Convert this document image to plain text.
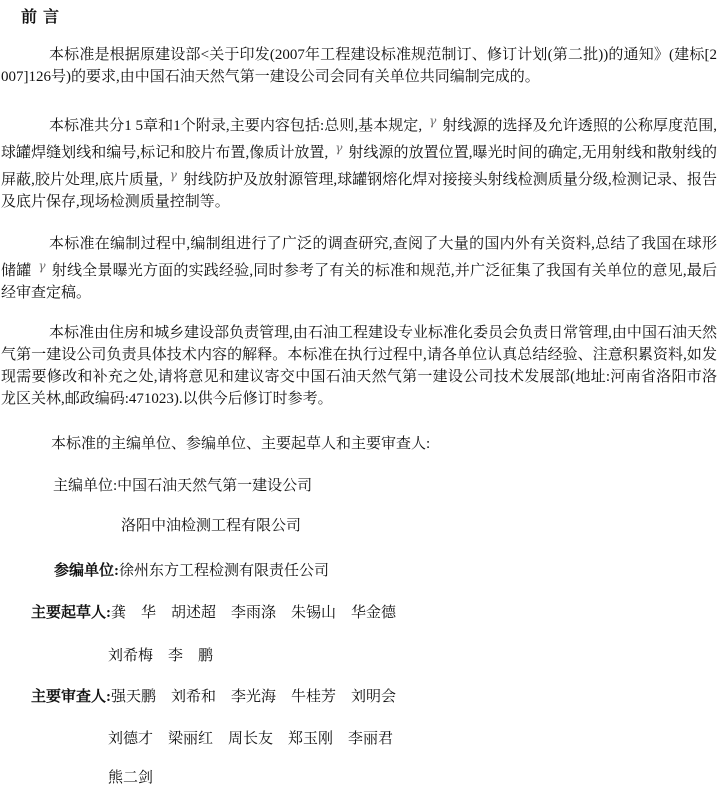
前 言

本标准是根据原建设部<关于印发(2007年工程建设标准规范制订、修订计划(第二批))的通知》(建标[2007]126号)的要求,由中国石油天然气第一建设公司会同有关单位共同编制完成的。

本标准共分1 5章和1个附录,主要内容包括:总则,基本规定, $^\gamma$ 射线源的选择及允许透照的公称厚度范围,球罐焊缝划线和编号,标记和胶片布置,像质计放置, $^\gamma$ 射线源的放置位置,曝光时间的确定,无用射线和散射线的屏蔽,胶片处理,底片质量, $^\gamma$ 射线防护及放射源管理,球罐钢熔化焊对接接头射线检测质量分级,检测记录、报告及底片保存,现场检测质量控制等。

本标准在编制过程中,编制组进行了广泛的调查研究,查阅了大量的国内外有关资料,总结了我国在球形储罐 $^\gamma$ 射线全景曝光方面的实践经验,同时参考了有关的标准和规范,并广泛征集了我国有关单位的意见,最后经审查定稿。

本标准由住房和城乡建设部负责管理,由石油工程建设专业标准化委员会负责日常管理,由中国石油天然气第一建设公司负责具体技术内容的解释。本标准在执行过程中,请各单位认真总结经验、注意积累资料,如发现需要修改和补充之处,请将意见和建议寄交中国石油天然气第一建设公司技术发展部(地址:河南省洛阳市洛龙区关林,邮政编码:471023).以供今后修订时参考。

本标准的主编单位、参编单位、主要起草人和主要审查人:

主编单位:中国石油天然气第一建设公司

洛阳中油检测工程有限公司

参编单位:徐州东方工程检测有限责任公司

主要起草人:龚　华　胡述超　李雨涤　朱锡山　华金德

刘希梅　李　鹏

主要审查人:强天鹏　刘希和　李光海　牛桂芳　刘明会

刘德才　梁丽红　周长友　郑玉刚　李丽君

熊二剑
